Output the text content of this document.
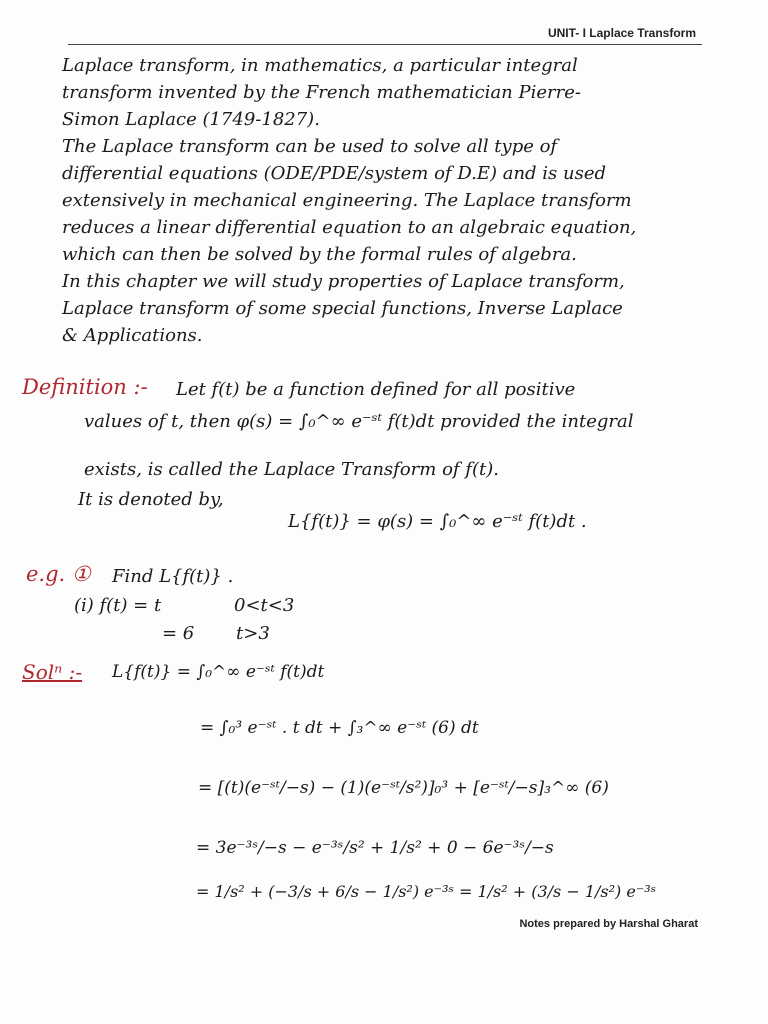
UNIT- I Laplace Transform

Laplace transform, in mathematics, a particular integral

transform invented by the French mathematician Pierre-

Simon Laplace (1749-1827).

The Laplace transform can be used to solve all type of

differential equations (ODE/PDE/system of D.E) and is used

extensively in mechanical engineering. The Laplace transform

reduces a linear differential equation to an algebraic equation,

which can then be solved by the formal rules of algebra.

In this chapter we will study properties of Laplace transform,

Laplace transform of some special functions, Inverse Laplace

& Applications.

Definition :- Let f(t) be a function defined for all positive
values of t, then φ(s) = ∫₀^∞ e⁻ˢᵗ f(t)dt provided the integral
exists, is called the Laplace Transform of f(t).
It is denoted by,
L{f(t)} = φ(s) = ∫₀^∞ e⁻ˢᵗ f(t)dt .
e.g. ① Find L{f(t)} .
(i) f(t) = t	0<t<3
= 6 t>3
Solⁿ :- L{f(t)} = ∫₀^∞ e⁻ˢᵗ f(t)dt
= ∫₀³ e⁻ˢᵗ . t dt + ∫₃^∞ e⁻ˢᵗ (6) dt
= [(t)(e⁻ˢᵗ/−s) − (1)(e⁻ˢᵗ/s²)]₀³ + [e⁻ˢᵗ/−s]₃^∞ (6)
= 3e⁻³ˢ/−s − e⁻³ˢ/s² + 1/s² + 0 − 6e⁻³ˢ/−s
= 1/s² + (−3/s + 6/s − 1/s²) e⁻³ˢ = 1/s² + (3/s − 1/s²) e⁻³ˢ
Notes prepared by Harshal Gharat
